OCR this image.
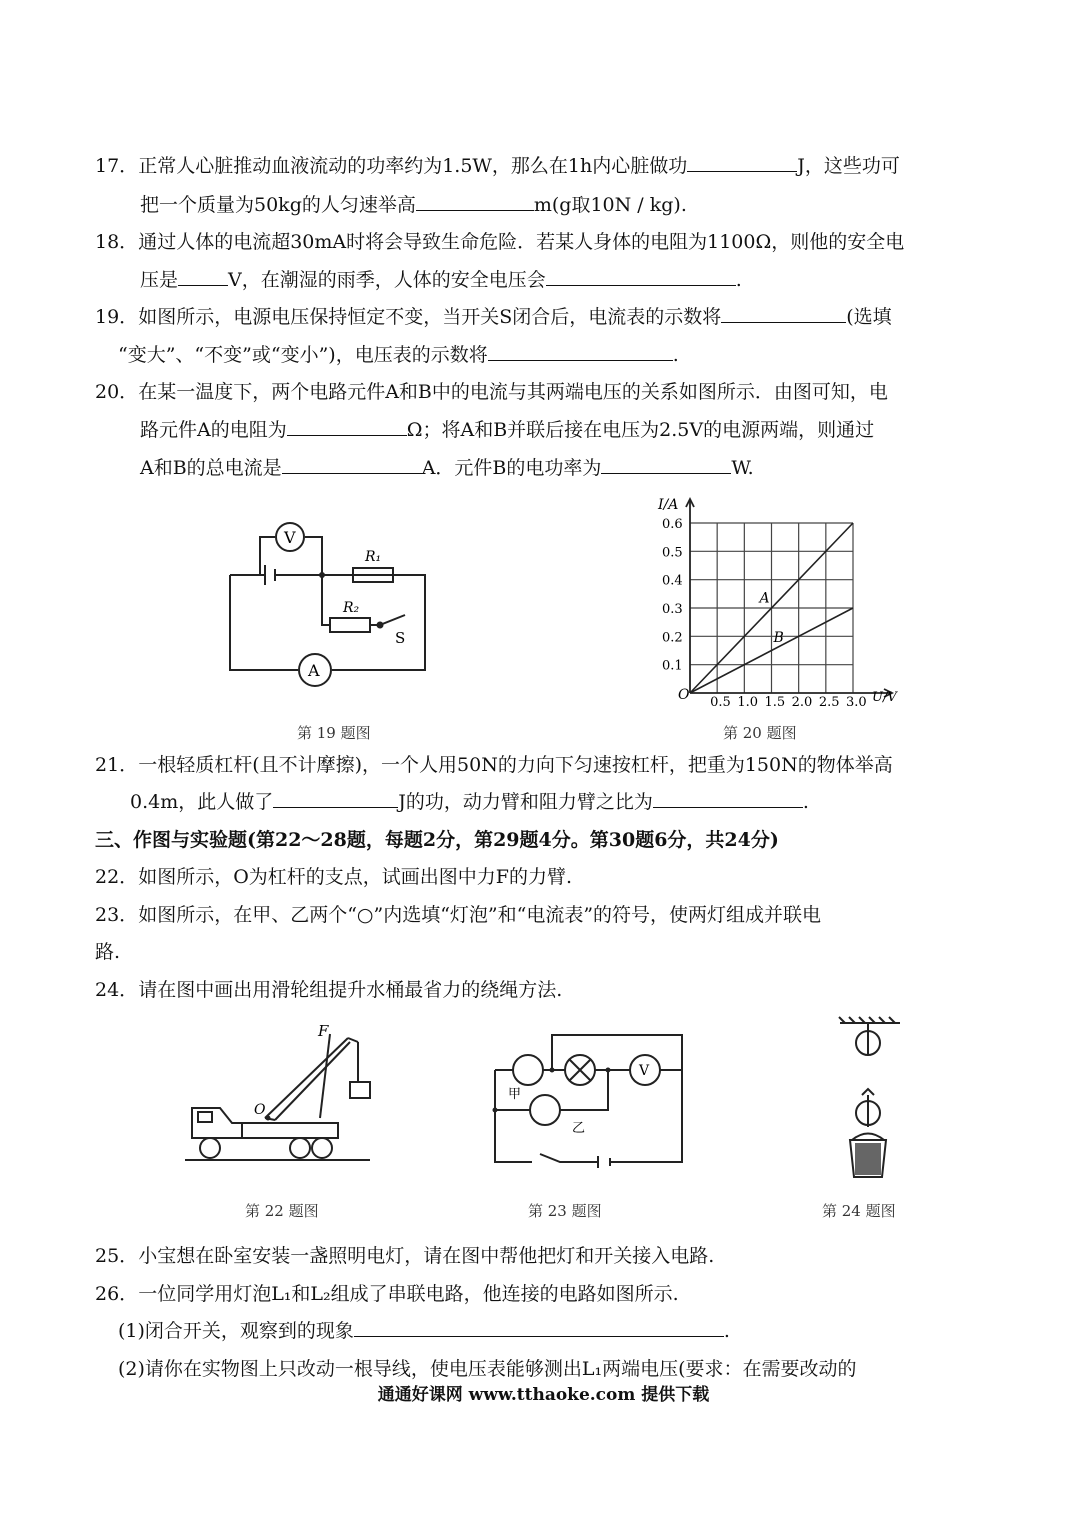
17．正常人心脏推动血液流动的功率约为1.5W，那么在1h内心脏做功	J，这些功可
把一个质量为50kg的人匀速举高	m(g取10N / kg).
18．通过人体的电流超30mA时将会导致生命危险．若某人身体的电阻为1100Ω，则他的安全电
压是	V，在潮湿的雨季，人体的安全电压会	.
19．如图所示，电源电压保持恒定不变，当开关S闭合后，电流表的示数将	(选填
“变大”、“不变”或“变小”)，电压表的示数将	.
20．在某一温度下，两个电路元件A和B中的电流与其两端电压的关系如图所示．由图可知，电
路元件A的电阻为	Ω；将A和B并联后接在电压为2.5V的电源两端，则通过
A和B的总电流是	A．元件B的电功率为	W.
V
A
R₁
R₂
S
第 19 题图
A
B
0.5 1.0 1.5 2.0 2.5 3.0
0.1
0.2
0.3
0.4
0.5
0.6
I/A
U/V
O
第 20 题图
21．一根轻质杠杆(且不计摩擦)，一个人用50N的力向下匀速按杠杆，把重为150N的物体举高
0.4m，此人做了	J的功，动力臂和阻力臂之比为	.
三、作图与实验题(第22～28题，每题2分，第29题4分。第30题6分，共24分)
22．如图所示，O为杠杆的支点，试画出图中力F的力臂.
23．如图所示，在甲、乙两个“○”内选填“灯泡”和“电流表”的符号，使两灯组成并联电
路.
24．请在图中画出用滑轮组提升水桶最省力的绕绳方法.
F
O
第 22 题图
V
甲
乙
第 23 题图	第 24 题图
25．小宝想在卧室安装一盏照明电灯，请在图中帮他把灯和开关接入电路.
26．一位同学用灯泡L₁和L₂组成了串联电路，他连接的电路如图所示.
(1)闭合开关，观察到的现象	.
(2)请你在实物图上只改动一根导线，使电压表能够测出L₁两端电压(要求：在需要改动的
通通好课网 www.tthaoke.com 提供下载
